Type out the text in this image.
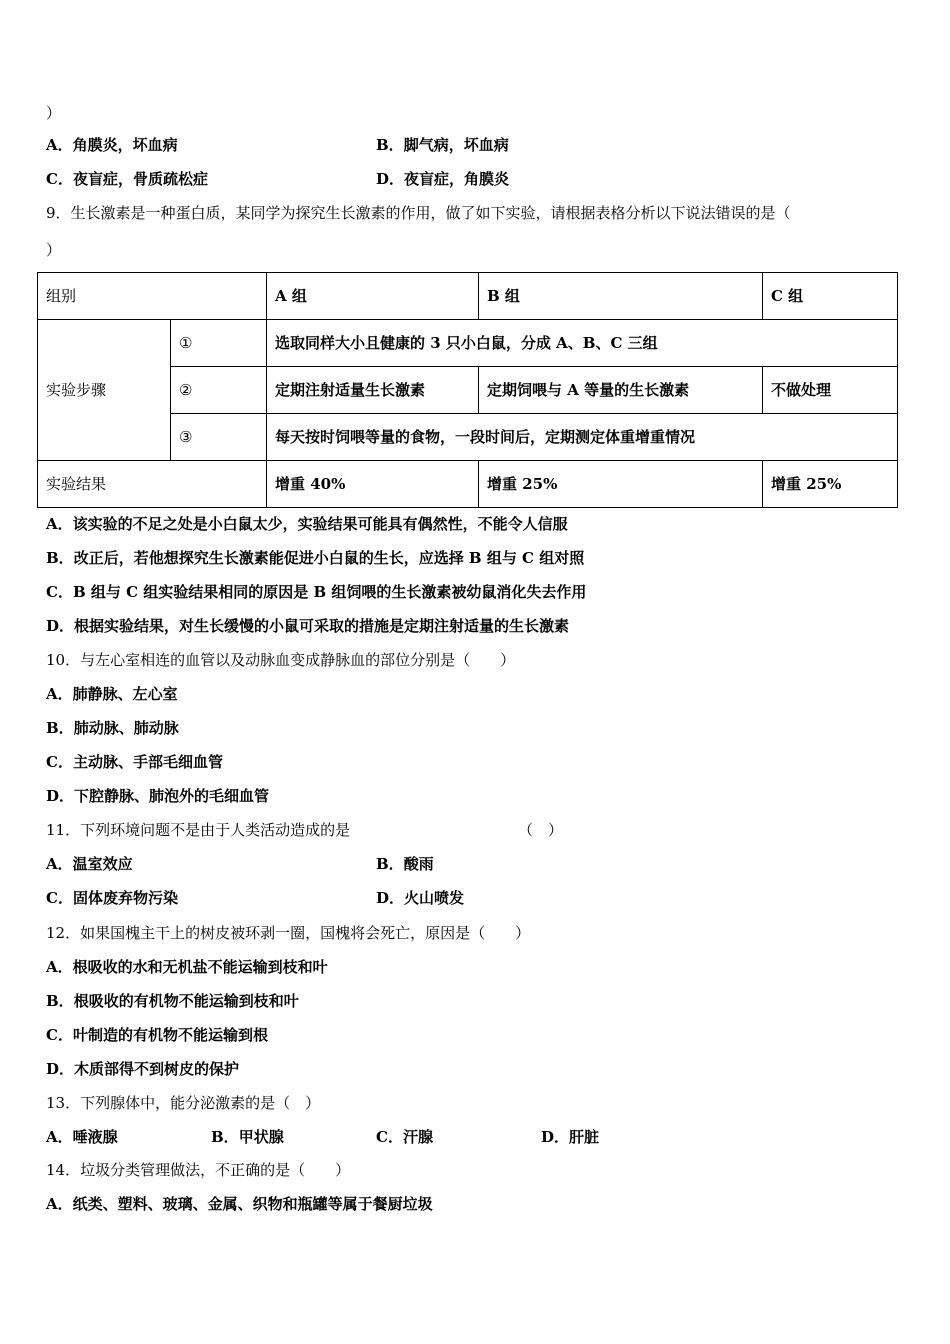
）
A．角膜炎，坏血病	B．脚气病，坏血病
C．夜盲症，骨质疏松症	D．夜盲症，角膜炎
9．生长激素是一种蛋白质，某同学为探究生长激素的作用，做了如下实验，请根据表格分析以下说法错误的是（
）
组别		A 组	B 组	C 组
实验步骤	①	选取同样大小且健康的 3 只小白鼠，分成 A、B、C 三组		
	②	定期注射适量生长激素	定期饲喂与 A 等量的生长激素	不做处理
	③	每天按时饲喂等量的食物，一段时间后，定期测定体重增重情况		
实验结果		增重 40%	增重 25%	增重 25%
A．该实验的不足之处是小白鼠太少，实验结果可能具有偶然性，不能令人信服
B．改正后，若他想探究生长激素能促进小白鼠的生长，应选择 B 组与 C 组对照
C．B 组与 C 组实验结果相同的原因是 B 组饲喂的生长激素被幼鼠消化失去作用
D．根据实验结果，对生长缓慢的小鼠可采取的措施是定期注射适量的生长激素
10．与左心室相连的血管以及动脉血变成静脉血的部位分别是（　　）
A．肺静脉、左心室
B．肺动脉、肺动脉
C．主动脉、手部毛细血管
D．下腔静脉、肺泡外的毛细血管
11．下列环境问题不是由于人类活动造成的是	（　）
A．温室效应	B．酸雨
C．固体废弃物污染	D．火山喷发
12．如果国槐主干上的树皮被环剥一圈，国槐将会死亡，原因是（　　）
A．根吸收的水和无机盐不能运输到枝和叶
B．根吸收的有机物不能运输到枝和叶
C．叶制造的有机物不能运输到根
D．木质部得不到树皮的保护
13．下列腺体中，能分泌激素的是（　）
A．唾液腺	B．甲状腺	C．汗腺	D．肝脏
14．垃圾分类管理做法，不正确的是（　　）
A．纸类、塑料、玻璃、金属、织物和瓶罐等属于餐厨垃圾
